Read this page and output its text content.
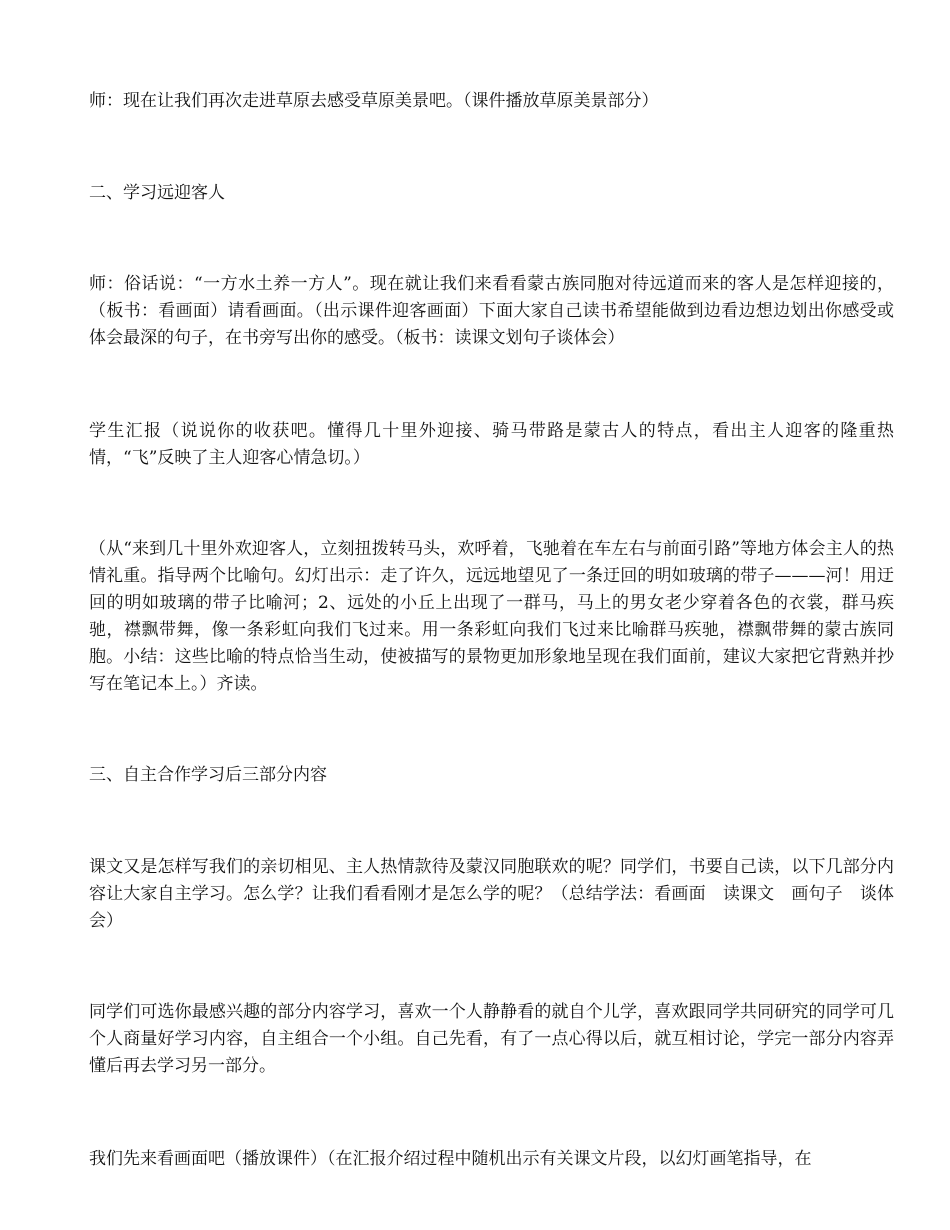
师：现在让我们再次走进草原去感受草原美景吧。（课件播放草原美景部分）

二、学习远迎客人

师：俗话说：“一方水土养一方人”。现在就让我们来看看蒙古族同胞对待远道而来的客人是怎样迎接的，（板书：看画面）请看画面。（出示课件迎客画面）下面大家自己读书希望能做到边看边想边划出你感受或体会最深的句子，在书旁写出你的感受。（板书：读课文划句子谈体会）

学生汇报（说说你的收获吧。懂得几十里外迎接、骑马带路是蒙古人的特点，看出主人迎客的隆重热情，“飞”反映了主人迎客心情急切。）

（从“来到几十里外欢迎客人，立刻扭拨转马头，欢呼着，飞驰着在车左右与前面引路”等地方体会主人的热情礼重。指导两个比喻句。幻灯出示：走了许久，远远地望见了一条迂回的明如玻璃的带子———河！用迂回的明如玻璃的带子比喻河；2、远处的小丘上出现了一群马，马上的男女老少穿着各色的衣裳，群马疾驰，襟飘带舞，像一条彩虹向我们飞过来。用一条彩虹向我们飞过来比喻群马疾驰，襟飘带舞的蒙古族同胞。小结：这些比喻的特点恰当生动，使被描写的景物更加形象地呈现在我们面前，建议大家把它背熟并抄写在笔记本上。）齐读。

三、自主合作学习后三部分内容

课文又是怎样写我们的亲切相见、主人热情款待及蒙汉同胞联欢的呢？同学们，书要自己读，以下几部分内容让大家自主学习。怎么学？让我们看看刚才是怎么学的呢？（总结学法：看画面　读课文　画句子　谈体会）

同学们可选你最感兴趣的部分内容学习，喜欢一个人静静看的就自个儿学，喜欢跟同学共同研究的同学可几个人商量好学习内容，自主组合一个小组。自己先看，有了一点心得以后，就互相讨论，学完一部分内容弄懂后再去学习另一部分。

我们先来看画面吧（播放课件）（在汇报介绍过程中随机出示有关课文片段，以幻灯画笔指导，在
